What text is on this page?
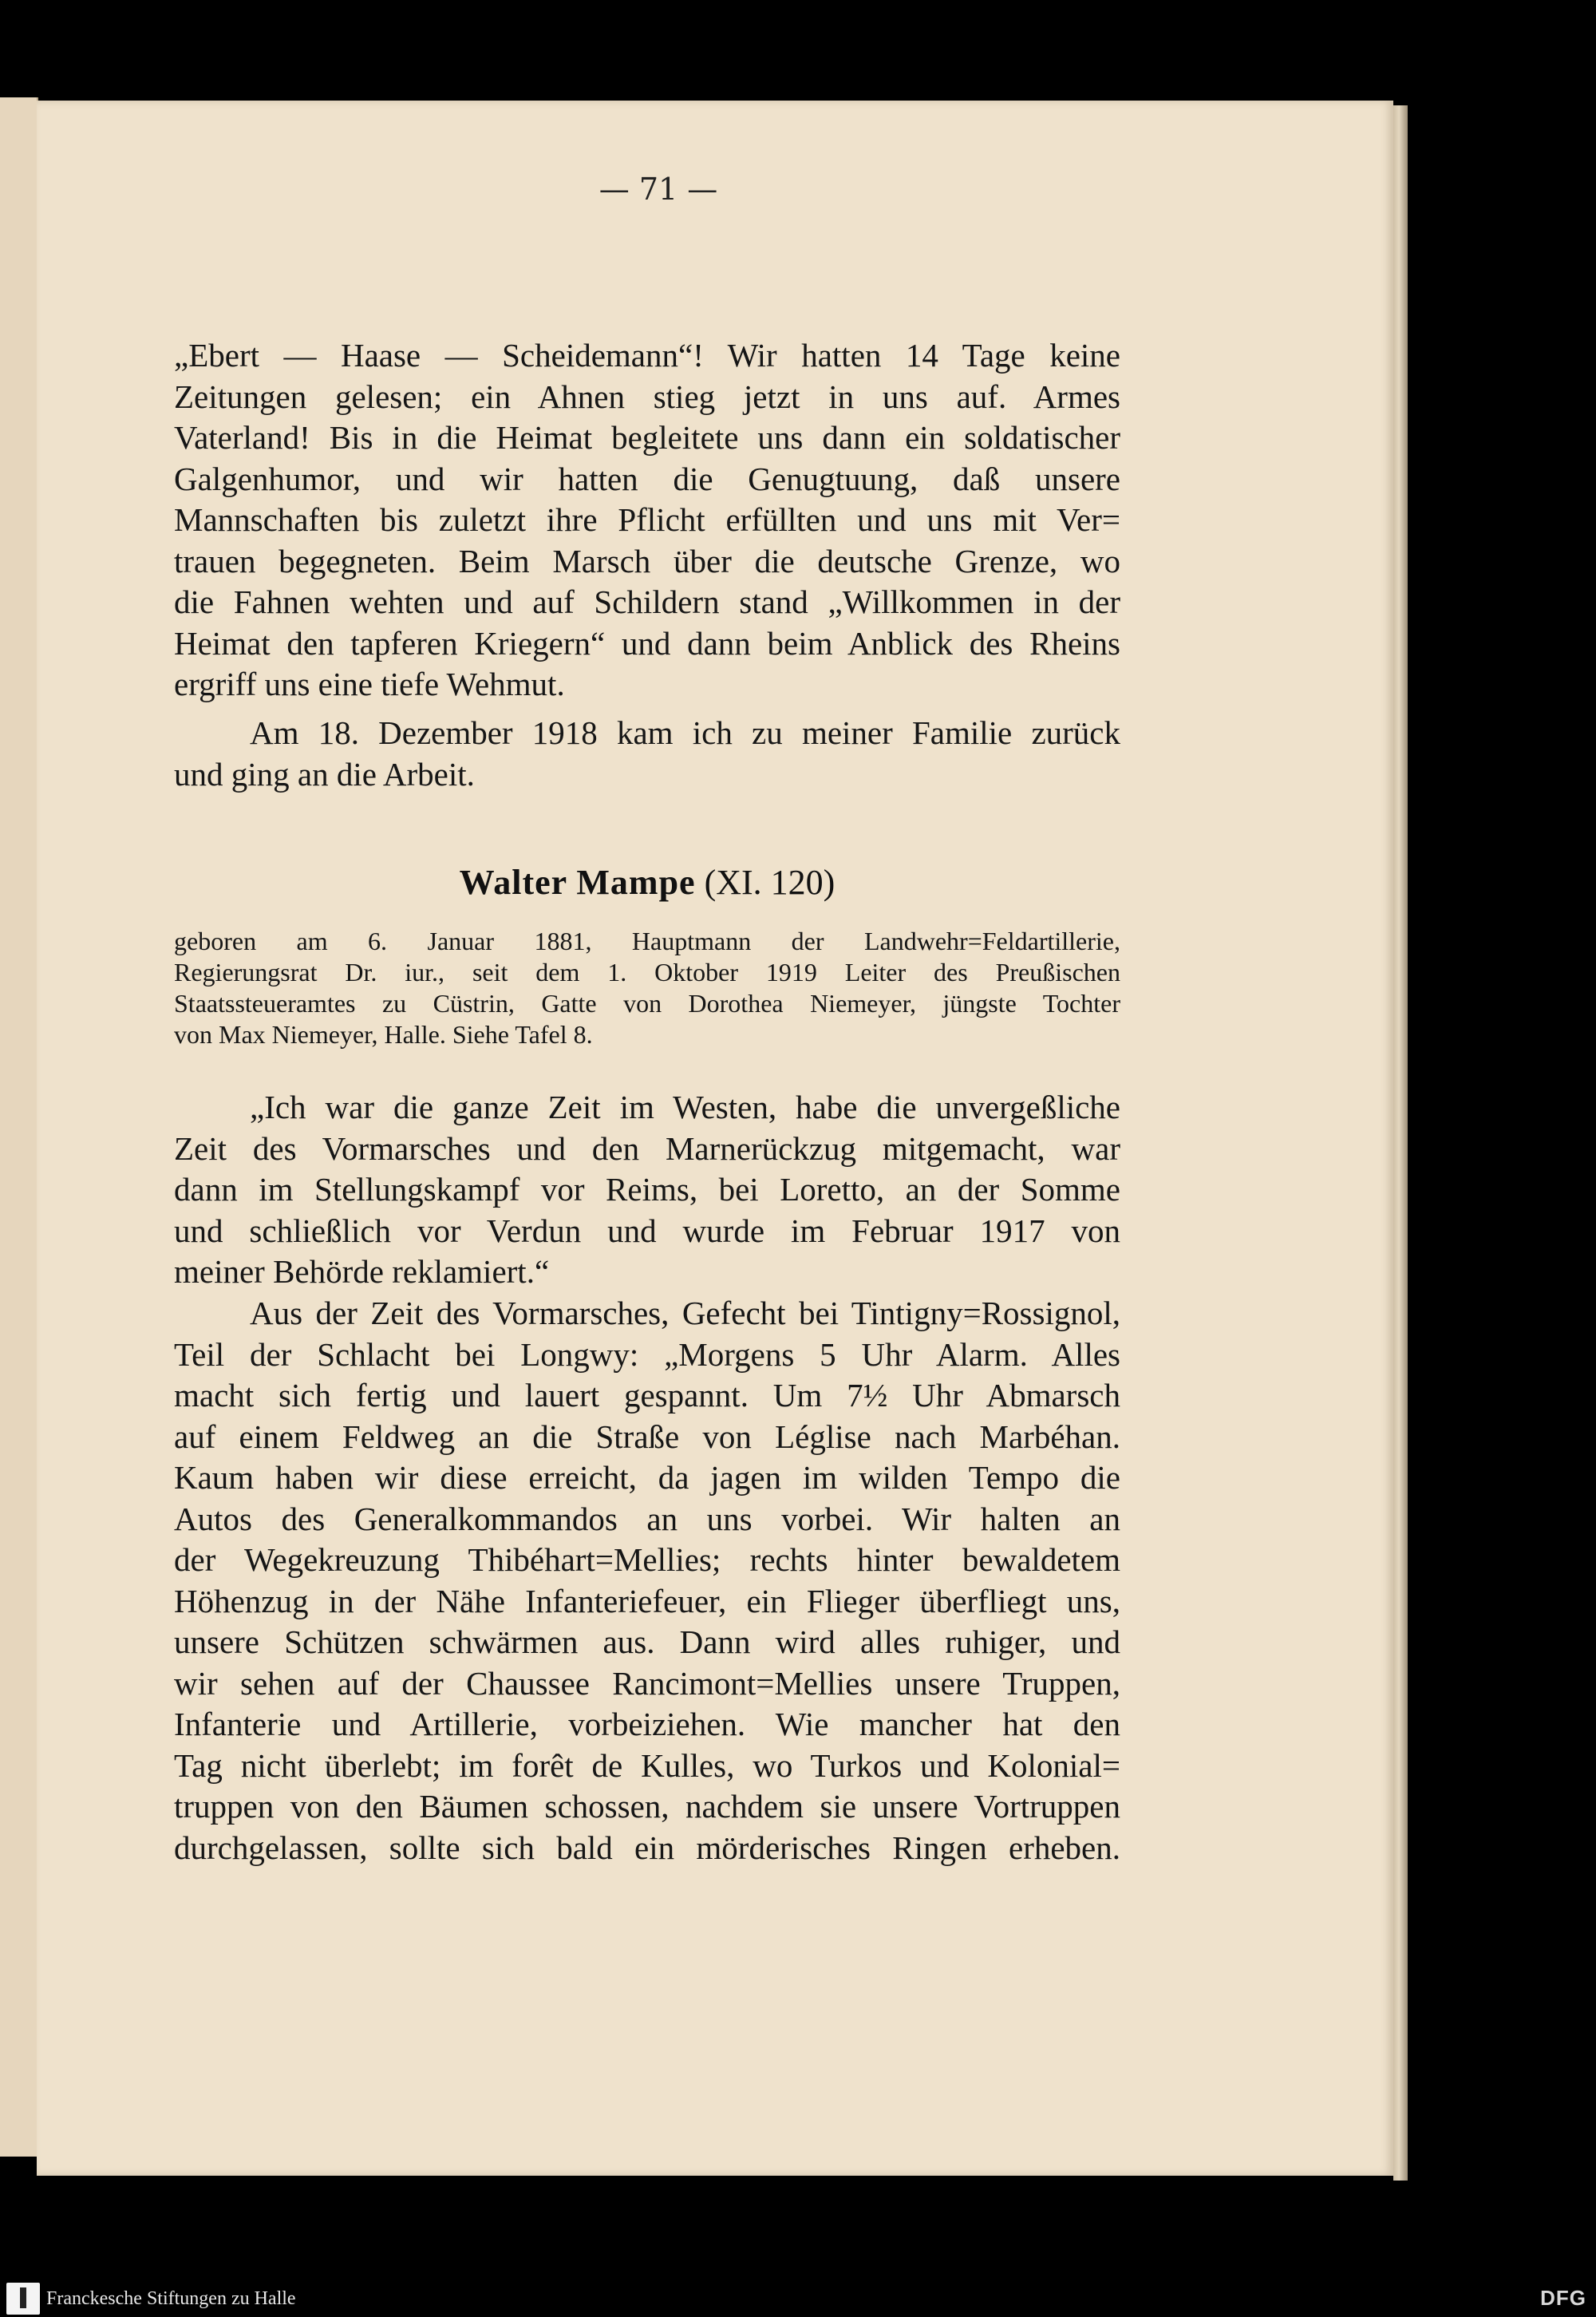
— 71 —
„Ebert — Haase — Scheidemann“! Wir hatten 14 Tage keine
Zeitungen gelesen; ein Ahnen stieg jetzt in uns auf. Armes
Vaterland! Bis in die Heimat begleitete uns dann ein soldatischer
Galgenhumor, und wir hatten die Genugtuung, daß unsere
Mannschaften bis zuletzt ihre Pflicht erfüllten und uns mit Ver=
trauen begegneten. Beim Marsch über die deutsche Grenze, wo
die Fahnen wehten und auf Schildern stand „Willkommen in der
Heimat den tapferen Kriegern“ und dann beim Anblick des Rheins
ergriff uns eine tiefe Wehmut.
Am 18. Dezember 1918 kam ich zu meiner Familie zurück
und ging an die Arbeit.
Walter Mampe (XI. 120)
geboren am 6. Januar 1881, Hauptmann der Landwehr=Feldartillerie,
Regierungsrat Dr. iur., seit dem 1. Oktober 1919 Leiter des Preußischen
Staatssteueramtes zu Cüstrin, Gatte von Dorothea Niemeyer, jüngste Tochter
von Max Niemeyer, Halle. Siehe Tafel 8.
„Ich war die ganze Zeit im Westen, habe die unvergeßliche
Zeit des Vormarsches und den Marnerückzug mitgemacht, war
dann im Stellungskampf vor Reims, bei Loretto, an der Somme
und schließlich vor Verdun und wurde im Februar 1917 von
meiner Behörde reklamiert.“
Aus der Zeit des Vormarsches, Gefecht bei Tintigny=Rossignol,
Teil der Schlacht bei Longwy: „Morgens 5 Uhr Alarm. Alles
macht sich fertig und lauert gespannt. Um 7½ Uhr Abmarsch
auf einem Feldweg an die Straße von Léglise nach Marbéhan.
Kaum haben wir diese erreicht, da jagen im wilden Tempo die
Autos des Generalkommandos an uns vorbei. Wir halten an
der Wegekreuzung Thibéhart=Mellies; rechts hinter bewaldetem
Höhenzug in der Nähe Infanteriefeuer, ein Flieger überfliegt uns,
unsere Schützen schwärmen aus. Dann wird alles ruhiger, und
wir sehen auf der Chaussee Rancimont=Mellies unsere Truppen,
Infanterie und Artillerie, vorbeiziehen. Wie mancher hat den
Tag nicht überlebt; im forêt de Kulles, wo Turkos und Kolonial=
truppen von den Bäumen schossen, nachdem sie unsere Vortruppen
durchgelassen, sollte sich bald ein mörderisches Ringen erheben.
Franckesche Stiftungen zu Halle	DFG
